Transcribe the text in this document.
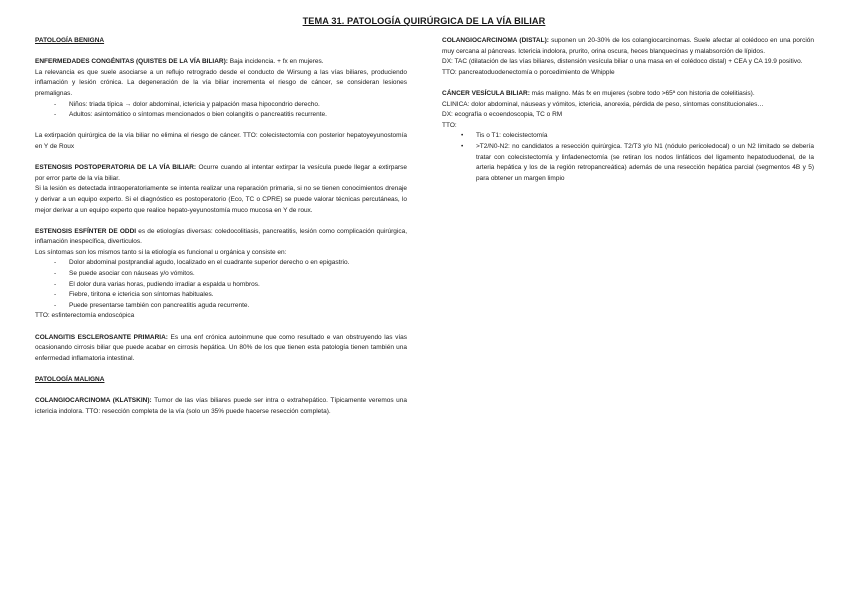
TEMA 31. PATOLOGÍA QUIRÚRGICA DE LA VÍA BILIAR
PATOLOGÍA BENIGNA

ENFERMEDADES CONGÉNITAS (QUISTES DE LA VÍA BILIAR): Baja incidencia. + fx en mujeres.

La relevancia es que suele asociarse a un reflujo retrogrado desde el conducto de Wirsung a las vías biliares, produciendo inflamación y lesión crónica. La degeneración de la vía biliar incrementa el riesgo de cáncer, se consideran lesiones premalignas.

- Niños: triada típica → dolor abdominal, ictericia y palpación masa hipocondrio derecho.
- Adultos: asintomático o síntomas mencionados o bien colangitis o pancreatitis recurrente.

La extirpación quirúrgica de la vía biliar no elimina el riesgo de cáncer. TTO: colecistectomía con posterior hepatoyeyunostomía en Y de Roux

ESTENOSIS POSTOPERATORIA DE LA VÍA BILIAR: Ocurre cuando al intentar extirpar la vesícula puede llegar a extirparse por error parte de la vía biliar.

Si la lesión es detectada intraoperatoriamente se intenta realizar una reparación primaria, si no se tienen conocimientos drenaje y derivar a un equipo experto. Si el diagnóstico es postoperatorio (Eco, TC o CPRE) se puede valorar técnicas percutáneas, lo mejor derivar a un equipo experto que realice hepato-yeyunostomía muco mucosa en Y de roux.

ESTENOSIS ESFÍNTER DE ODDI es de etiologías diversas: coledocolitiasis, pancreatitis, lesión como complicación quirúrgica, inflamación inespecífica, diverticulos.

Los síntomas son los mismos tanto si la etiología es funcional u orgánica y consiste en:

- Dolor abdominal postprandial agudo, localizado en el cuadrante superior derecho o en epigastrio.
- Se puede asociar con náuseas y/o vómitos.
- El dolor dura varias horas, pudiendo irradiar a espalda u hombros.
- Fiebre, tiritona e ictericia son síntomas habituales.
- Puede presentarse también con pancreatitis aguda recurrente.

TTO: esfinterectomía endoscópica

COLANGITIS ESCLEROSANTE PRIMARIA: Es una enf crónica autoinmune que como resultado e van obstruyendo las vías ocasionando cirrosis biliar que puede acabar en cirrosis hepática. Un 80% de los que tienen esta patología tienen también una enfermedad inflamatoria intestinal.

PATOLOGÍA MALIGNA

COLANGIOCARCINOMA (KLATSKIN): Tumor de las vías biliares puede ser intra o extrahepático. Típicamente veremos una ictericia indolora. TTO: resección completa de la vía (solo un 35% puede hacerse resección completa).

COLANGIOCARCINOMA (DISTAL): suponen un 20-30% de los colangiocarcinomas. Suele afectar al colédoco en una porción muy cercana al páncreas. Ictericia indolora, prurito, orina oscura, heces blanquecinas y malabsorción de lípidos.

DX: TAC (dilatación de las vías biliares, distensión vesícula biliar o una masa en el colédoco distal) + CEA y CA 19.9 positivo.

TTO: pancreatoduodenectomía o porcedimiento de Whipple

CÁNCER VESÍCULA BILIAR: más maligno. Más fx en mujeres (sobre todo >65ª con historia de colelitiasis).

CLINICA: dolor abdominal, náuseas y vómitos, ictericia, anorexia, pérdida de peso, síntomas constitucionales…

DX: ecografía o ecoendoscopia, TC o RM

TTO:

• Tis o T1: colecistectomía
• >T2/N0-N2: no candidatos a resección quirúrgica. T2/T3 y/o N1 (nódulo pericoledocal) o un N2 limitado se debería tratar con colecistectomía y linfadenectomía (se retiran los nodos linfáticos del ligamento hepatoduodenal, de la arteria hepática y los de la región retropancreática) además de una resección hepática parcial (segmentos 4B y 5) para obtener un margen limpio
